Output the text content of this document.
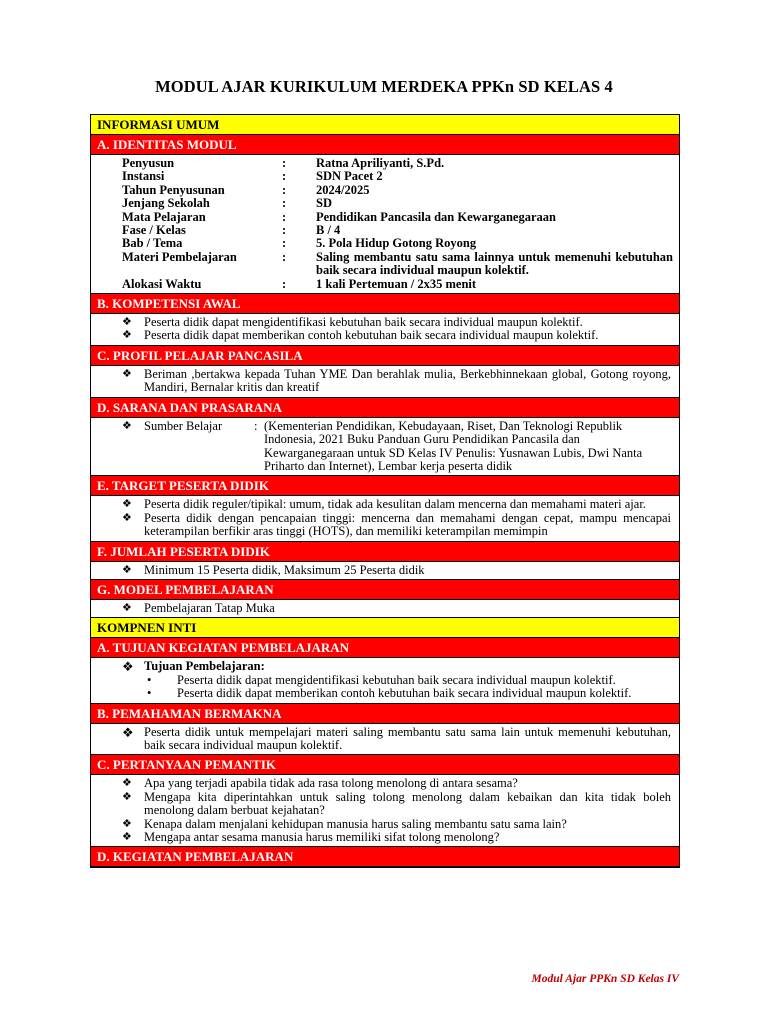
MODUL AJAR KURIKULUM MERDEKA PPKn SD KELAS 4
INFORMASI UMUM
A. IDENTITAS MODUL
Penyusun	:	Ratna Apriliyanti, S.Pd.
Instansi	:	SDN Pacet 2
Tahun Penyusunan	:	2024/2025
Jenjang Sekolah	:	SD
Mata Pelajaran	:	Pendidikan Pancasila dan Kewarganegaraan
Fase / Kelas	:	B / 4
Bab / Tema	:	5. Pola Hidup Gotong Royong
Materi Pembelajaran	:	Saling membantu satu sama lainnya untuk memenuhi kebutuhan baik secara individual maupun kolektif.
Alokasi Waktu	:	1 kali Pertemuan / 2x35 menit
B. KOMPETENSI AWAL
❖ Peserta didik dapat mengidentifikasi kebutuhan baik secara individual maupun kolektif.
❖ Peserta didik dapat memberikan contoh kebutuhan baik secara individual maupun kolektif.
C. PROFIL PELAJAR PANCASILA
❖ Beriman ,bertakwa kepada Tuhan YME Dan berahlak mulia, Berkebhinnekaan global, Gotong royong, Mandiri, Bernalar kritis dan kreatif
D. SARANA DAN PRASARANA
❖ Sumber Belajar	: (Kementerian Pendidikan, Kebudayaan, Riset, Dan Teknologi Republik Indonesia, 2021 Buku Panduan Guru Pendidikan Pancasila dan Kewarganegaraan untuk SD Kelas IV Penulis: Yusnawan Lubis, Dwi Nanta Priharto dan Internet), Lembar kerja peserta didik
E. TARGET PESERTA DIDIK
❖ Peserta didik reguler/tipikal: umum, tidak ada kesulitan dalam mencerna dan memahami materi ajar.
❖ Peserta didik dengan pencapaian tinggi: mencerna dan memahami dengan cepat, mampu mencapai keterampilan berfikir aras tinggi (HOTS), dan memiliki keterampilan memimpin
F. JUMLAH PESERTA DIDIK
❖ Minimum 15 Peserta didik, Maksimum 25 Peserta didik
G. MODEL PEMBELAJARAN
❖ Pembelajaran Tatap Muka
KOMPNEN INTI
A. TUJUAN KEGIATAN PEMBELAJARAN
❖ Tujuan Pembelajaran:
•	Peserta didik dapat mengidentifikasi kebutuhan baik secara individual maupun kolektif.
•	Peserta didik dapat memberikan contoh kebutuhan baik secara individual maupun kolektif.
B. PEMAHAMAN BERMAKNA
❖ Peserta didik untuk mempelajari materi saling membantu satu sama lain untuk memenuhi kebutuhan, baik secara individual maupun kolektif.
C. PERTANYAAN PEMANTIK
❖ Apa yang terjadi apabila tidak ada rasa tolong menolong di antara sesama?
❖ Mengapa kita diperintahkan untuk saling tolong menolong dalam kebaikan dan kita tidak boleh menolong dalam berbuat kejahatan?
❖ Kenapa dalam menjalani kehidupan manusia harus saling membantu satu sama lain?
❖ Mengapa antar sesama manusia harus memiliki sifat tolong menolong?
D. KEGIATAN PEMBELAJARAN
Modul Ajar PPKn SD Kelas IV
